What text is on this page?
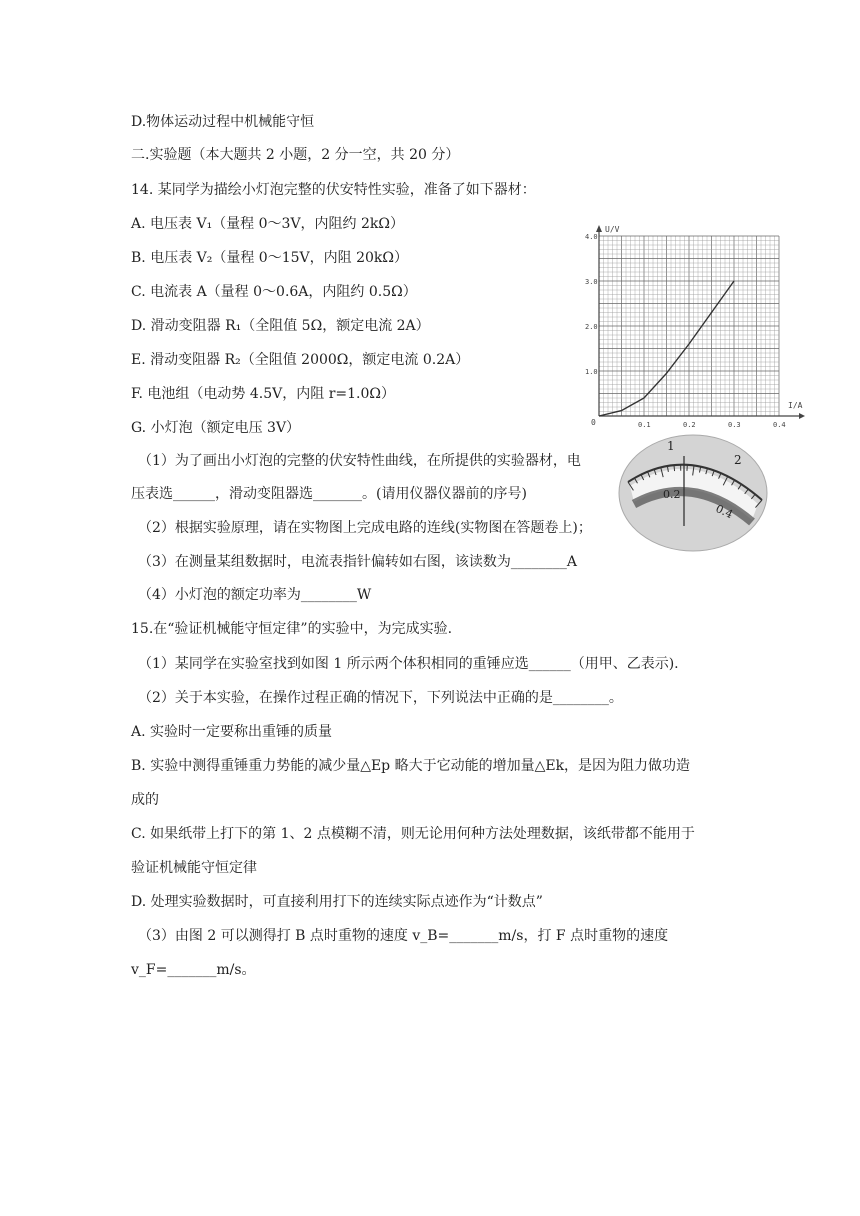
D.物体运动过程中机械能守恒
二.实验题（本大题共 2 小题，2 分一空，共 20 分）
14. 某同学为描绘小灯泡完整的伏安特性实验，准备了如下器材：
A. 电压表 V₁（量程 0～3V，内阻约 2kΩ）
B. 电压表 V₂（量程 0～15V，内阻 20kΩ）
C. 电流表 A（量程 0～0.6A，内阻约 0.5Ω）
D. 滑动变阻器 R₁（全阻值 5Ω，额定电流 2A）
E. 滑动变阻器 R₂（全阻值 2000Ω，额定电流 0.2A）
F. 电池组（电动势 4.5V，内阻 r=1.0Ω）
G. 小灯泡（额定电压 3V）
（1）为了画出小灯泡的完整的伏安特性曲线，在所提供的实验器材，电
压表选______，滑动变阻器选_______。(请用仪器仪器前的序号)
（2）根据实验原理，请在实物图上完成电路的连线(实物图在答题卷上)；
（3）在测量某组数据时，电流表指针偏转如右图，该读数为________A
（4）小灯泡的额定功率为________W
15.在“验证机械能守恒定律”的实验中，为完成实验.
（1）某同学在实验室找到如图 1 所示两个体积相同的重锤应选______（用甲、乙表示).
（2）关于本实验，在操作过程正确的情况下，下列说法中正确的是________。
A. 实验时一定要称出重锤的质量
B. 实验中测得重锤重力势能的减少量△Ep 略大于它动能的增加量△Ek，是因为阻力做功造
成的
C. 如果纸带上打下的第 1、2 点模糊不清，则无论用何种方法处理数据，该纸带都不能用于
验证机械能守恒定律
D. 处理实验数据时，可直接利用打下的连续实际点迹作为“计数点”
（3）由图 2 可以测得打 B 点时重物的速度 v_B=_______m/s，打 F 点时重物的速度
v_F=_______m/s。
U/V
I/A
0
1.0
2.0
3.0
4.0
0.1	0.2	0.3	0.4
1
2
0.2
0.4
